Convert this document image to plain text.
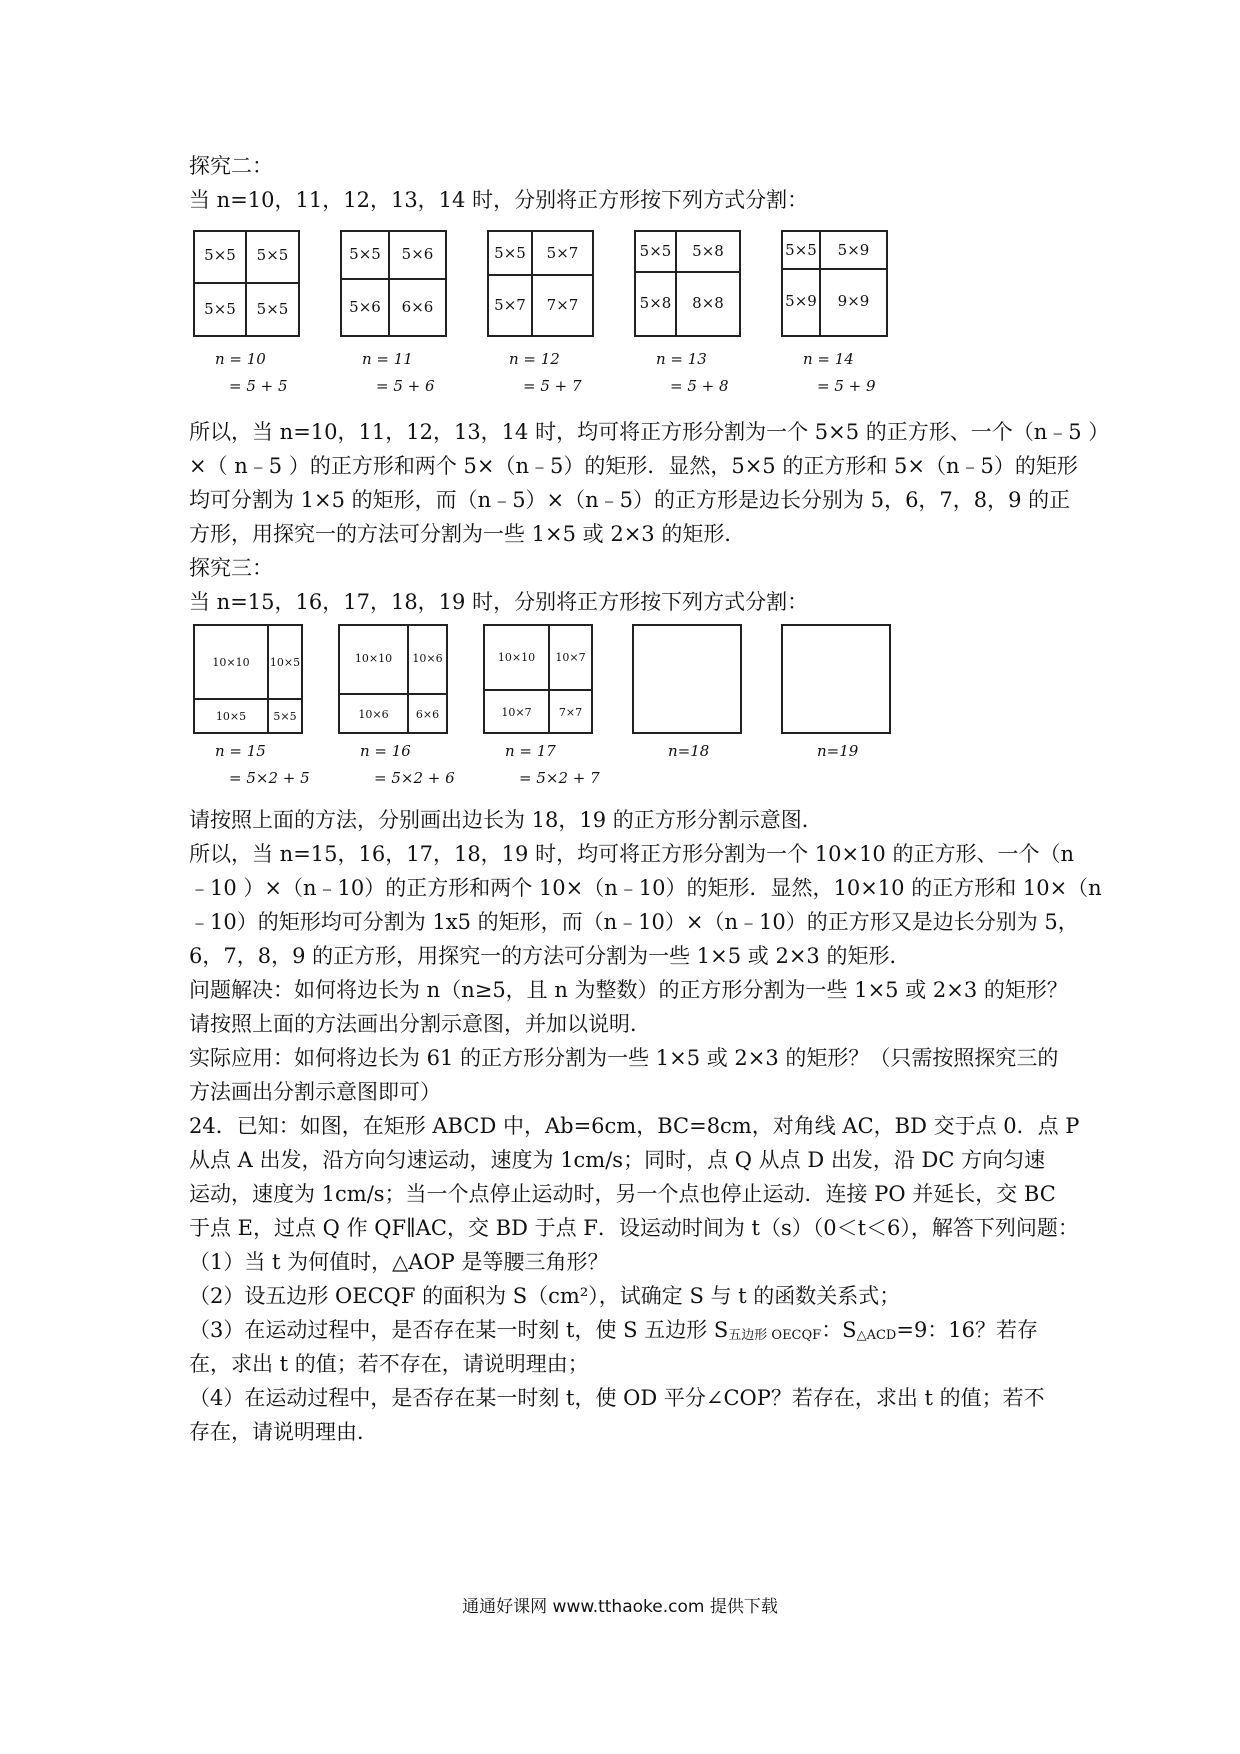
探究二：
当 n=10，11，12，13，14 时，分别将正方形按下列方式分割：
5×5	5×5
5×5	5×5
n = 10
= 5 + 5
5×5	5×6
5×6	6×6
n = 11
= 5 + 6
5×5	5×7
5×7	7×7
n = 12
= 5 + 7
5×5	5×8
5×8	8×8
n = 13
= 5 + 8
5×5	5×9
5×9	9×9
n = 14
= 5 + 9
所以，当 n=10，11，12，13，14 时，均可将正方形分割为一个 5×5 的正方形、一个（n﹣5 ）
×（ n﹣5 ）的正方形和两个 5×（n﹣5）的矩形．显然，5×5 的正方形和 5×（n﹣5）的矩形
均可分割为 1×5 的矩形，而（n﹣5）×（n﹣5）的正方形是边长分别为 5，6，7，8，9 的正
方形，用探究一的方法可分割为一些 1×5 或 2×3 的矩形．
探究三：
当 n=15，16，17，18，19 时，分别将正方形按下列方式分割：
10×10	10×5
10×5	5×5
n = 15
= 5×2 + 5
10×10	10×6
10×6	6×6
n = 16
= 5×2 + 6
10×10	10×7
10×7	7×7
n = 17
= 5×2 + 7
n=18	n=19
请按照上面的方法，分别画出边长为 18，19 的正方形分割示意图．
所以，当 n=15，16，17，18，19 时，均可将正方形分割为一个 10×10 的正方形、一个（n
﹣10 ）×（n﹣10）的正方形和两个 10×（n﹣10）的矩形．显然，10×10 的正方形和 10×（n
﹣10）的矩形均可分割为 1x5 的矩形，而（n﹣10）×（n﹣10）的正方形又是边长分别为 5，
6，7，8，9 的正方形，用探究一的方法可分割为一些 1×5 或 2×3 的矩形．
问题解决：如何将边长为 n（n≥5，且 n 为整数）的正方形分割为一些 1×5 或 2×3 的矩形？
请按照上面的方法画出分割示意图，并加以说明．
实际应用：如何将边长为 61 的正方形分割为一些 1×5 或 2×3 的矩形？（只需按照探究三的
方法画出分割示意图即可）
24．已知：如图，在矩形 ABCD 中，Ab=6cm，BC=8cm，对角线 AC，BD 交于点 0．点 P
从点 A 出发，沿方向匀速运动，速度为 1cm/s；同时，点 Q 从点 D 出发，沿 DC 方向匀速
运动，速度为 1cm/s；当一个点停止运动时，另一个点也停止运动．连接 PO 并延长，交 BC
于点 E，过点 Q 作 QF∥AC，交 BD 于点 F．设运动时间为 t（s）（0＜t＜6），解答下列问题：
（1）当 t 为何值时，△AOP 是等腰三角形？
（2）设五边形 OECQF 的面积为 S（cm²），试确定 S 与 t 的函数关系式；
（3）在运动过程中，是否存在某一时刻 t，使 S 五边形 S五边形 OECQF：S△ACD=9：16？若存
在，求出 t 的值；若不存在，请说明理由；
（4）在运动过程中，是否存在某一时刻 t，使 OD 平分∠COP？若存在，求出 t 的值；若不
存在，请说明理由．
通通好课网 www.tthaoke.com 提供下载
